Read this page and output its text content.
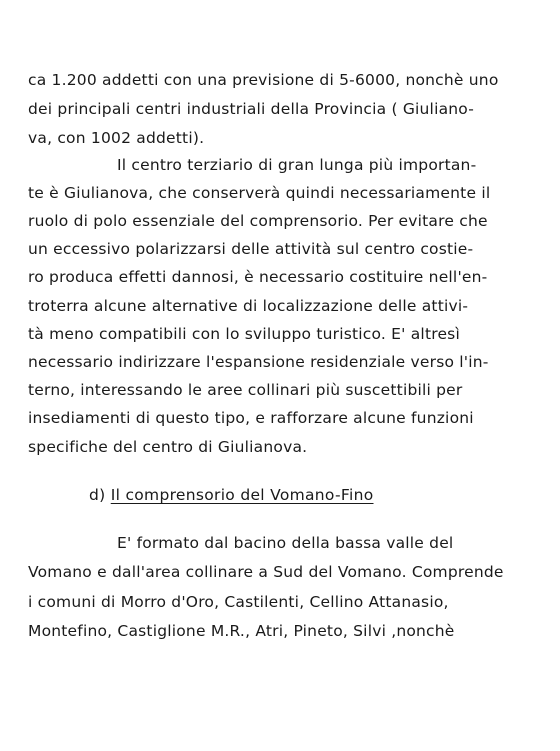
ca 1.200 addetti con una previsione di 5-6000, nonchè uno
dei principali centri industriali della Provincia ( Giuliano-
va, con 1002 addetti).
Il centro terziario di gran lunga più importan-
te è Giulianova, che conserverà quindi necessariamente il
ruolo di polo essenziale del comprensorio. Per evitare che
un eccessivo polarizzarsi delle attività sul centro costie-
ro produca effetti dannosi, è necessario costituire nell'en-
troterra alcune alternative di localizzazione delle attivi-
tà meno compatibili con lo sviluppo turistico. E' altresì
necessario indirizzare l'espansione residenziale verso l'in-
terno, interessando le aree collinari più suscettibili per
insediamenti di questo tipo, e rafforzare alcune funzioni
specifiche del centro di Giulianova.
d) Il comprensorio del Vomano-Fino
E' formato dal bacino della bassa valle del
Vomano e dall'area collinare a Sud del Vomano. Comprende
i comuni di Morro d'Oro, Castilenti, Cellino Attanasio,
Montefino, Castiglione M.R., Atri, Pineto, Silvi ,nonchè
